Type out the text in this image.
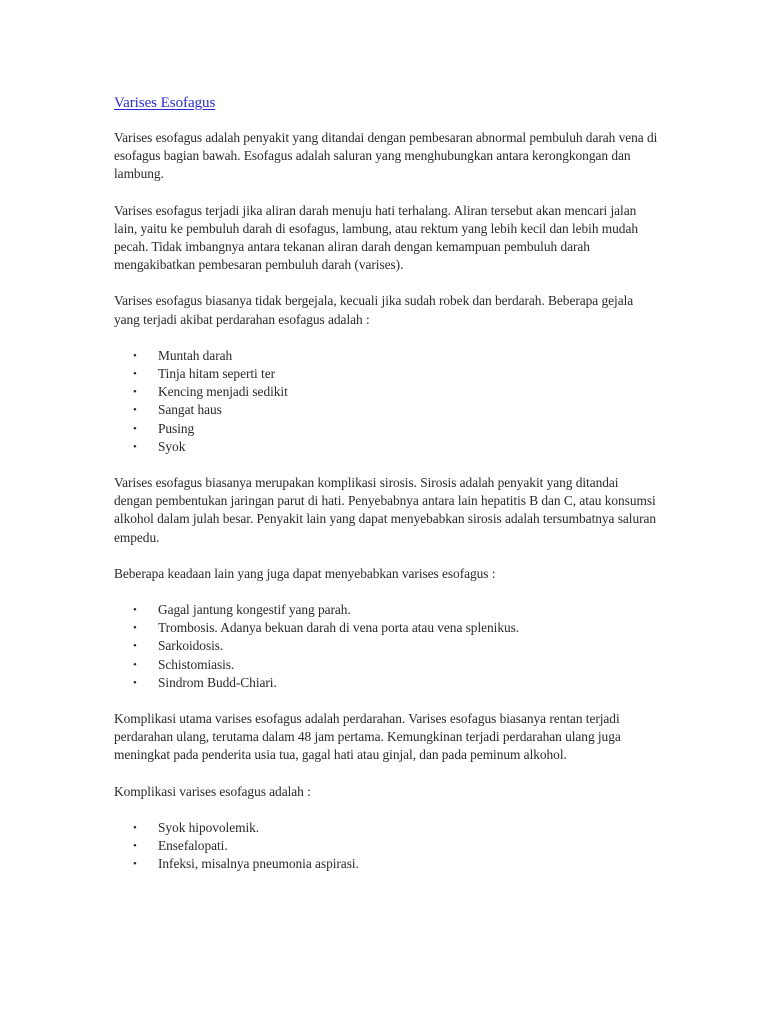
Varises Esofagus

Varises esofagus adalah penyakit yang ditandai dengan pembesaran abnormal pembuluh darah vena di esofagus bagian bawah. Esofagus adalah saluran yang menghubungkan antara kerongkongan dan lambung.

Varises esofagus terjadi jika aliran darah menuju hati terhalang. Aliran tersebut akan mencari jalan lain, yaitu ke pembuluh darah di esofagus, lambung, atau rektum yang lebih kecil dan lebih mudah pecah. Tidak imbangnya antara tekanan aliran darah dengan kemampuan pembuluh darah mengakibatkan pembesaran pembuluh darah (varises).

Varises esofagus biasanya tidak bergejala, kecuali jika sudah robek dan berdarah. Beberapa gejala yang terjadi akibat perdarahan esofagus adalah :

• Muntah darah
• Tinja hitam seperti ter
• Kencing menjadi sedikit
• Sangat haus
• Pusing
• Syok

Varises esofagus biasanya merupakan komplikasi sirosis. Sirosis adalah penyakit yang ditandai dengan pembentukan jaringan parut di hati. Penyebabnya antara lain hepatitis B dan C, atau konsumsi alkohol dalam julah besar. Penyakit lain yang dapat menyebabkan sirosis adalah tersumbatnya saluran empedu.

Beberapa keadaan lain yang juga dapat menyebabkan varises esofagus :

• Gagal jantung kongestif yang parah.
• Trombosis. Adanya bekuan darah di vena porta atau vena splenikus.
• Sarkoidosis.
• Schistomiasis.
• Sindrom Budd-Chiari.

Komplikasi utama varises esofagus adalah perdarahan. Varises esofagus biasanya rentan terjadi perdarahan ulang, terutama dalam 48 jam pertama. Kemungkinan terjadi perdarahan ulang juga meningkat pada penderita usia tua, gagal hati atau ginjal, dan pada peminum alkohol.

Komplikasi varises esofagus adalah :

• Syok hipovolemik.
• Ensefalopati.
• Infeksi, misalnya pneumonia aspirasi.
